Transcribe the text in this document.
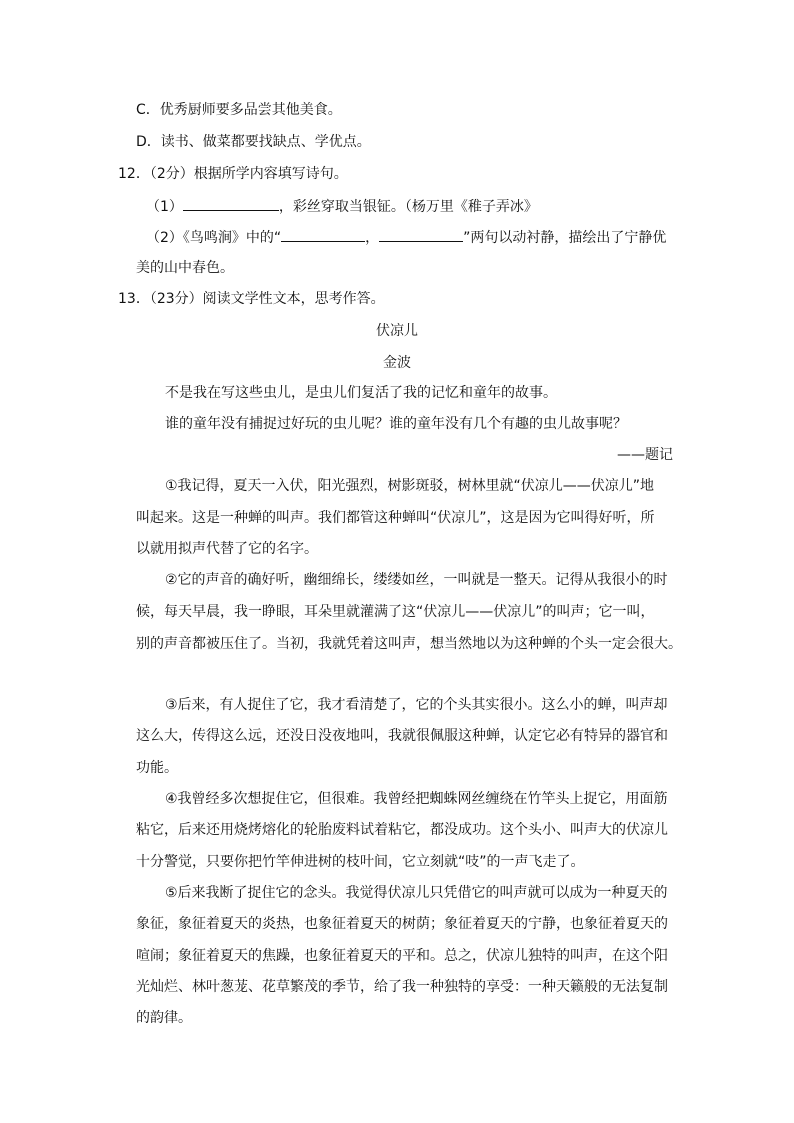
C．优秀厨师要多品尝其他美食。
D．读书、做菜都要找缺点、学优点。
12．（2分）根据所学内容填写诗句。
（1）	，彩丝穿取当银钲。（杨万里《稚子弄冰》
（2）《鸟鸣涧》中的“	，	”两句以动衬静，描绘出了宁静优
美的山中春色。
13．（23分）阅读文学性文本，思考作答。
伏凉儿
金波
不是我在写这些虫儿，是虫儿们复活了我的记忆和童年的故事。
谁的童年没有捕捉过好玩的虫儿呢？谁的童年没有几个有趣的虫儿故事呢？
——题记
①我记得，夏天一入伏，阳光强烈，树影斑驳，树林里就“伏凉儿——伏凉儿”地
叫起来。这是一种蝉的叫声。我们都管这种蝉叫“伏凉儿”，这是因为它叫得好听，所
以就用拟声代替了它的名字。
②它的声音的确好听，幽细绵长，缕缕如丝，一叫就是一整天。记得从我很小的时
候，每天早晨，我一睁眼，耳朵里就灌满了这“伏凉儿——伏凉儿”的叫声；它一叫，
别的声音都被压住了。当初，我就凭着这叫声，想当然地以为这种蝉的个头一定会很大。
③后来，有人捉住了它，我才看清楚了，它的个头其实很小。这么小的蝉，叫声却
这么大，传得这么远，还没日没夜地叫，我就很佩服这种蝉，认定它必有特异的器官和
功能。
④我曾经多次想捉住它，但很难。我曾经把蜘蛛网丝缠绕在竹竿头上捉它，用面筋
粘它，后来还用烧烤熔化的轮胎废料试着粘它，都没成功。这个头小、叫声大的伏凉儿
十分警觉，只要你把竹竿伸进树的枝叶间，它立刻就“吱”的一声飞走了。
⑤后来我断了捉住它的念头。我觉得伏凉儿只凭借它的叫声就可以成为一种夏天的
象征，象征着夏天的炎热，也象征着夏天的树荫；象征着夏天的宁静，也象征着夏天的
喧闹；象征着夏天的焦躁，也象征着夏天的平和。总之，伏凉儿独特的叫声，在这个阳
光灿烂、林叶葱茏、花草繁茂的季节，给了我一种独特的享受：一种天籁般的无法复制
的韵律。
